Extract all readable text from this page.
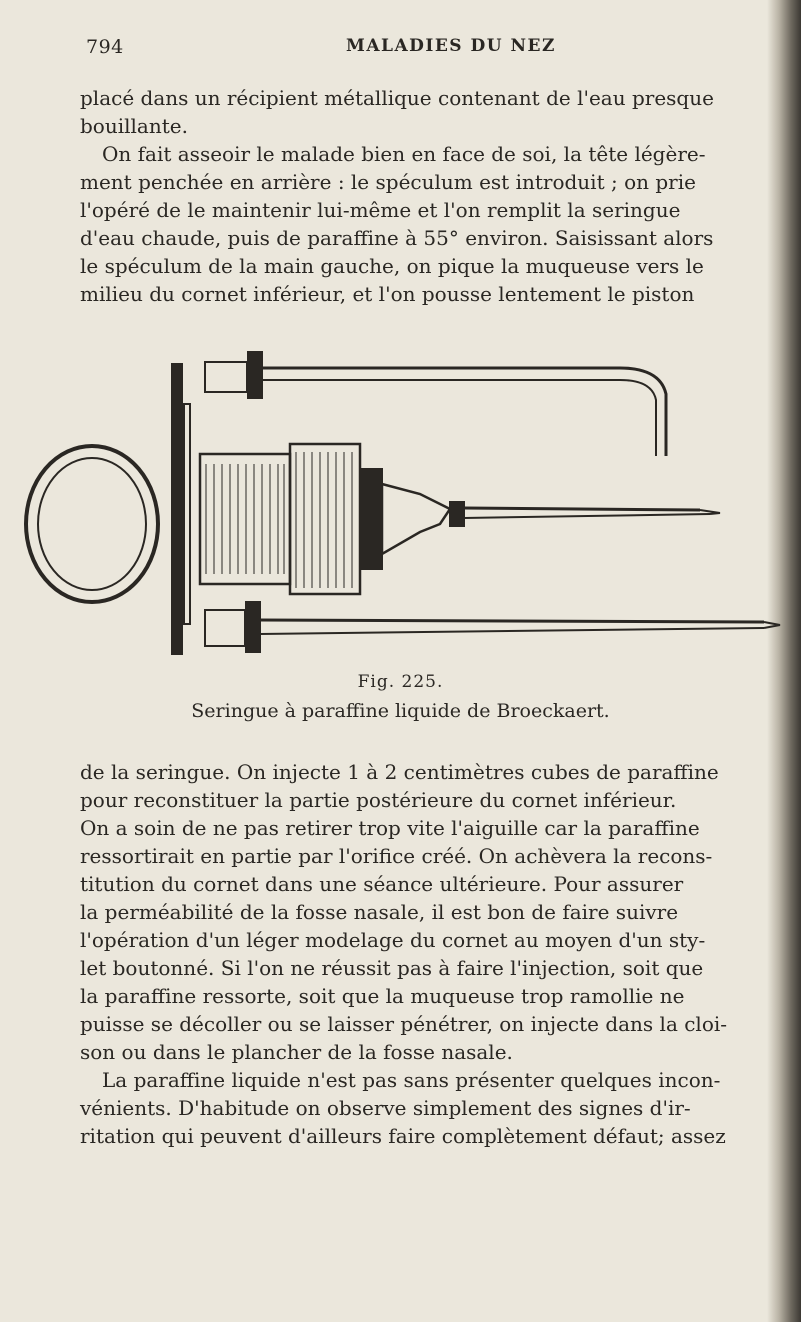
794	MALADIES DU NEZ
placé dans un récipient métallique contenant de l'eau presque
bouillante.
On fait asseoir le malade bien en face de soi, la tête légère-
ment penchée en arrière : le spéculum est introduit ; on prie
l'opéré de le maintenir lui-même et l'on remplit la seringue
d'eau chaude, puis de paraffine à 55° environ. Saisissant alors
le spéculum de la main gauche, on pique la muqueuse vers le
milieu du cornet inférieur, et l'on pousse lentement le piston
Fig. 225.
Seringue à paraffine liquide de Broeckaert.
de la seringue. On injecte 1 à 2 centimètres cubes de paraffine
pour reconstituer la partie postérieure du cornet inférieur.
On a soin de ne pas retirer trop vite l'aiguille car la paraffine
ressortirait en partie par l'orifice créé. On achèvera la recons-
titution du cornet dans une séance ultérieure. Pour assurer
la perméabilité de la fosse nasale, il est bon de faire suivre
l'opération d'un léger modelage du cornet au moyen d'un sty-
let boutonné. Si l'on ne réussit pas à faire l'injection, soit que
la paraffine ressorte, soit que la muqueuse trop ramollie ne
puisse se décoller ou se laisser pénétrer, on injecte dans la cloi-
son ou dans le plancher de la fosse nasale.
La paraffine liquide n'est pas sans présenter quelques incon-
vénients. D'habitude on observe simplement des signes d'ir-
ritation qui peuvent d'ailleurs faire complètement défaut; assez
